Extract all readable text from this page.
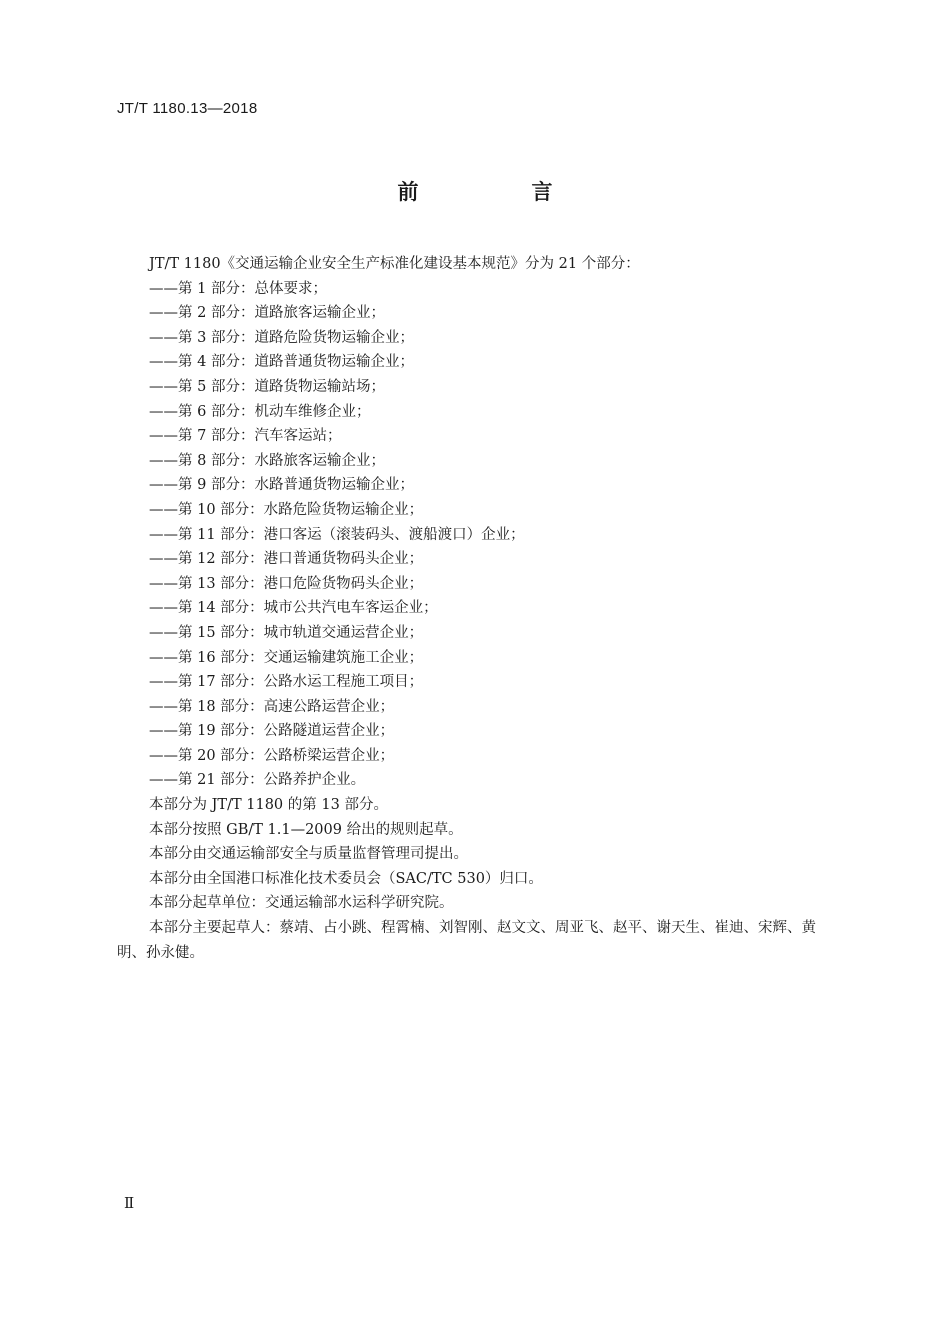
JT/T 1180.13—2018
前　言

JT/T 1180《交通运输企业安全生产标准化建设基本规范》分为 21 个部分：

——第 1 部分：总体要求；
——第 2 部分：道路旅客运输企业；
——第 3 部分：道路危险货物运输企业；
——第 4 部分：道路普通货物运输企业；
——第 5 部分：道路货物运输站场；
——第 6 部分：机动车维修企业；
——第 7 部分：汽车客运站；
——第 8 部分：水路旅客运输企业；
——第 9 部分：水路普通货物运输企业；
——第 10 部分：水路危险货物运输企业；
——第 11 部分：港口客运（滚装码头、渡船渡口）企业；
——第 12 部分：港口普通货物码头企业；
——第 13 部分：港口危险货物码头企业；
——第 14 部分：城市公共汽电车客运企业；
——第 15 部分：城市轨道交通运营企业；
——第 16 部分：交通运输建筑施工企业；
——第 17 部分：公路水运工程施工项目；
——第 18 部分：高速公路运营企业；
——第 19 部分：公路隧道运营企业；
——第 20 部分：公路桥梁运营企业；
——第 21 部分：公路养护企业。

本部分为 JT/T 1180 的第 13 部分。

本部分按照 GB/T 1.1—2009 给出的规则起草。

本部分由交通运输部安全与质量监督管理司提出。

本部分由全国港口标准化技术委员会（SAC/TC 530）归口。

本部分起草单位：交通运输部水运科学研究院。

本部分主要起草人：蔡靖、占小跳、程霄楠、刘智刚、赵文文、周亚飞、赵平、谢天生、崔迪、宋辉、黄明、孙永健。

Ⅱ
